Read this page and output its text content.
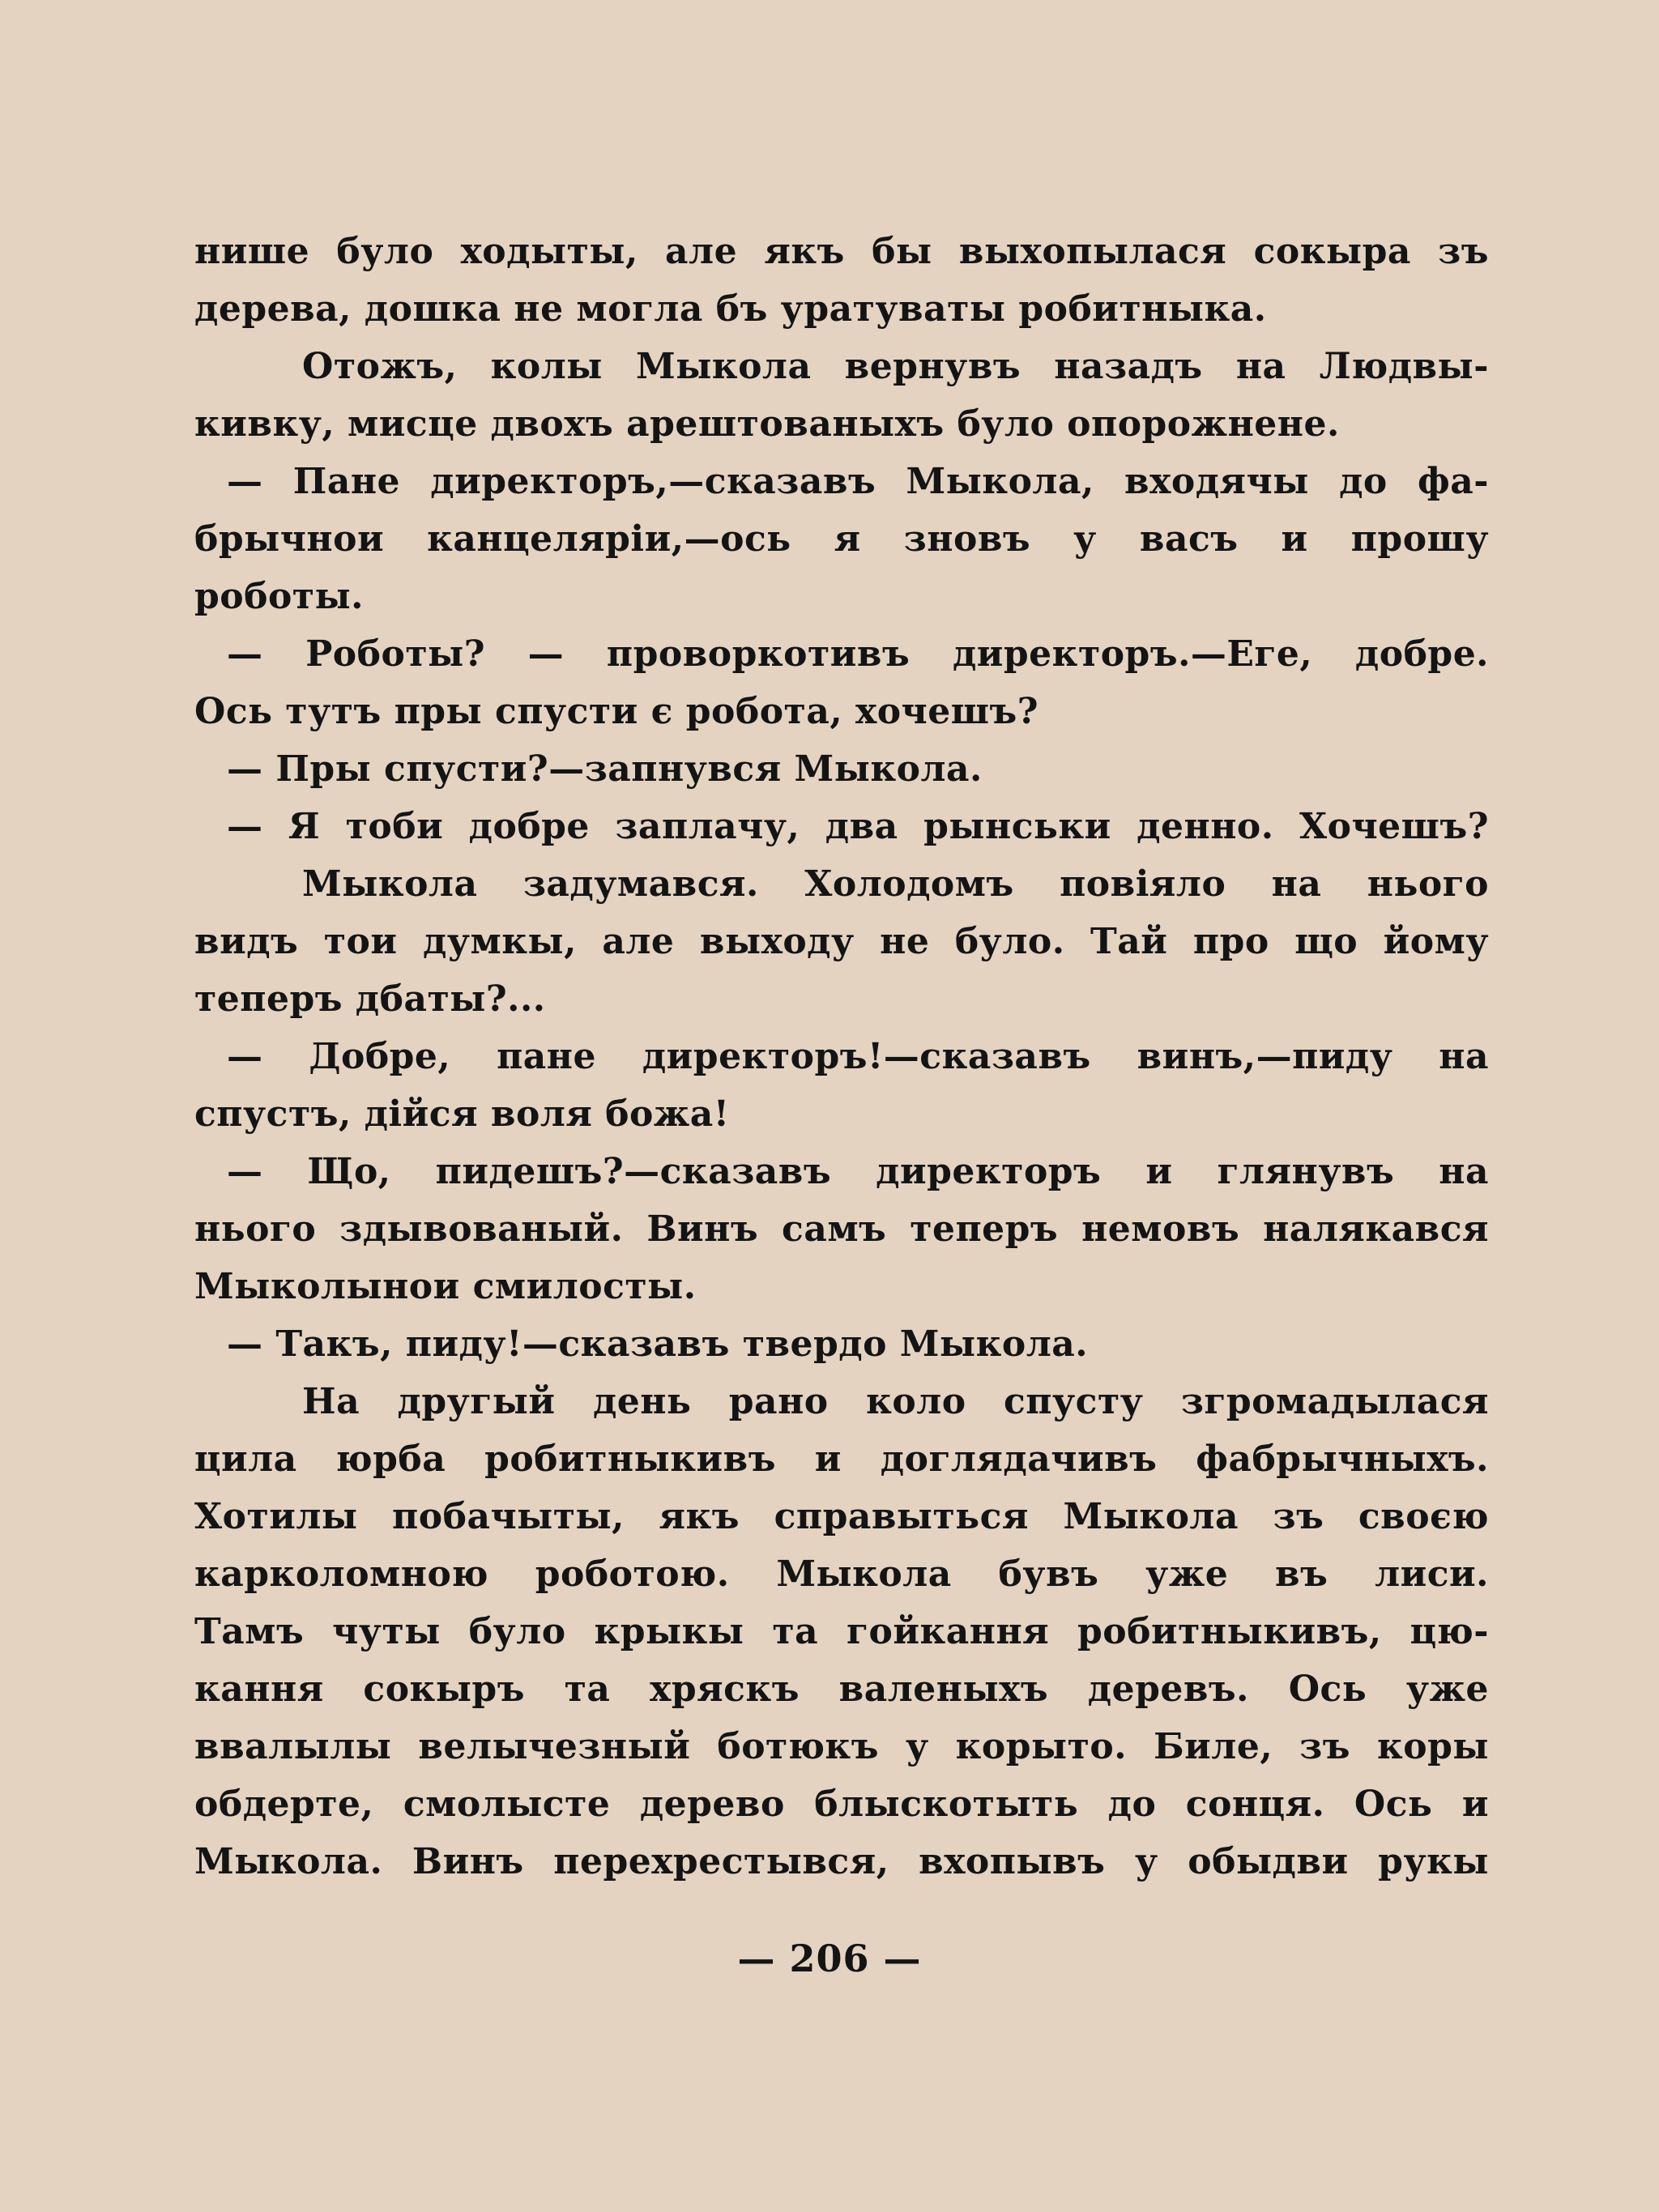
нише було ходыты, але якъ бы выхопылася сокыра зъ
дерева, дошка не могла бъ уратуваты робитныка.
Отожъ, колы Мыкола вернувъ назадъ на Людвы-
кивку, мисце двохъ арештованыхъ було опорожнене.
— Пане директоръ,—сказавъ Мыкола, входячы до фа-
брычнои канцеляріи,—ось я зновъ у васъ и прошу
роботы.
— Роботы? — проворкотивъ директоръ.—Еге, добре.
Ось тутъ пры спусти є робота, хочешъ?
— Пры спусти?—запнувся Мыкола.
— Я тоби добре заплачу, два рынськи денно. Хочешъ?
Мыкола задумався. Холодомъ повіяло на нього
видъ тои думкы, але выходу не було. Тай про що йому
теперъ дбаты?...
— Добре, пане директоръ!—сказавъ винъ,—пиду на
спустъ, дійся воля божа!
— Що, пидешъ?—сказавъ директоръ и глянувъ на
нього здывованый. Винъ самъ теперъ немовъ налякався
Мыколынои смилосты.
— Такъ, пиду!—сказавъ твердо Мыкола.
На другый день рано коло спусту згромадылася
цила юрба робитныкивъ и доглядачивъ фабрычныхъ.
Хотилы побачыты, якъ справыться Мыкола зъ своєю
карколомною роботою. Мыкола бувъ уже въ лиси.
Тамъ чуты було крыкы та гойкання робитныкивъ, цю-
кання сокыръ та хряскъ валеныхъ деревъ. Ось уже
ввалылы велычезный ботюкъ у корыто. Биле, зъ коры
обдерте, смолысте дерево блыскотыть до сонця. Ось и
Мыкола. Винъ перехрестывся, вхопывъ у обыдви рукы
— 206 —
